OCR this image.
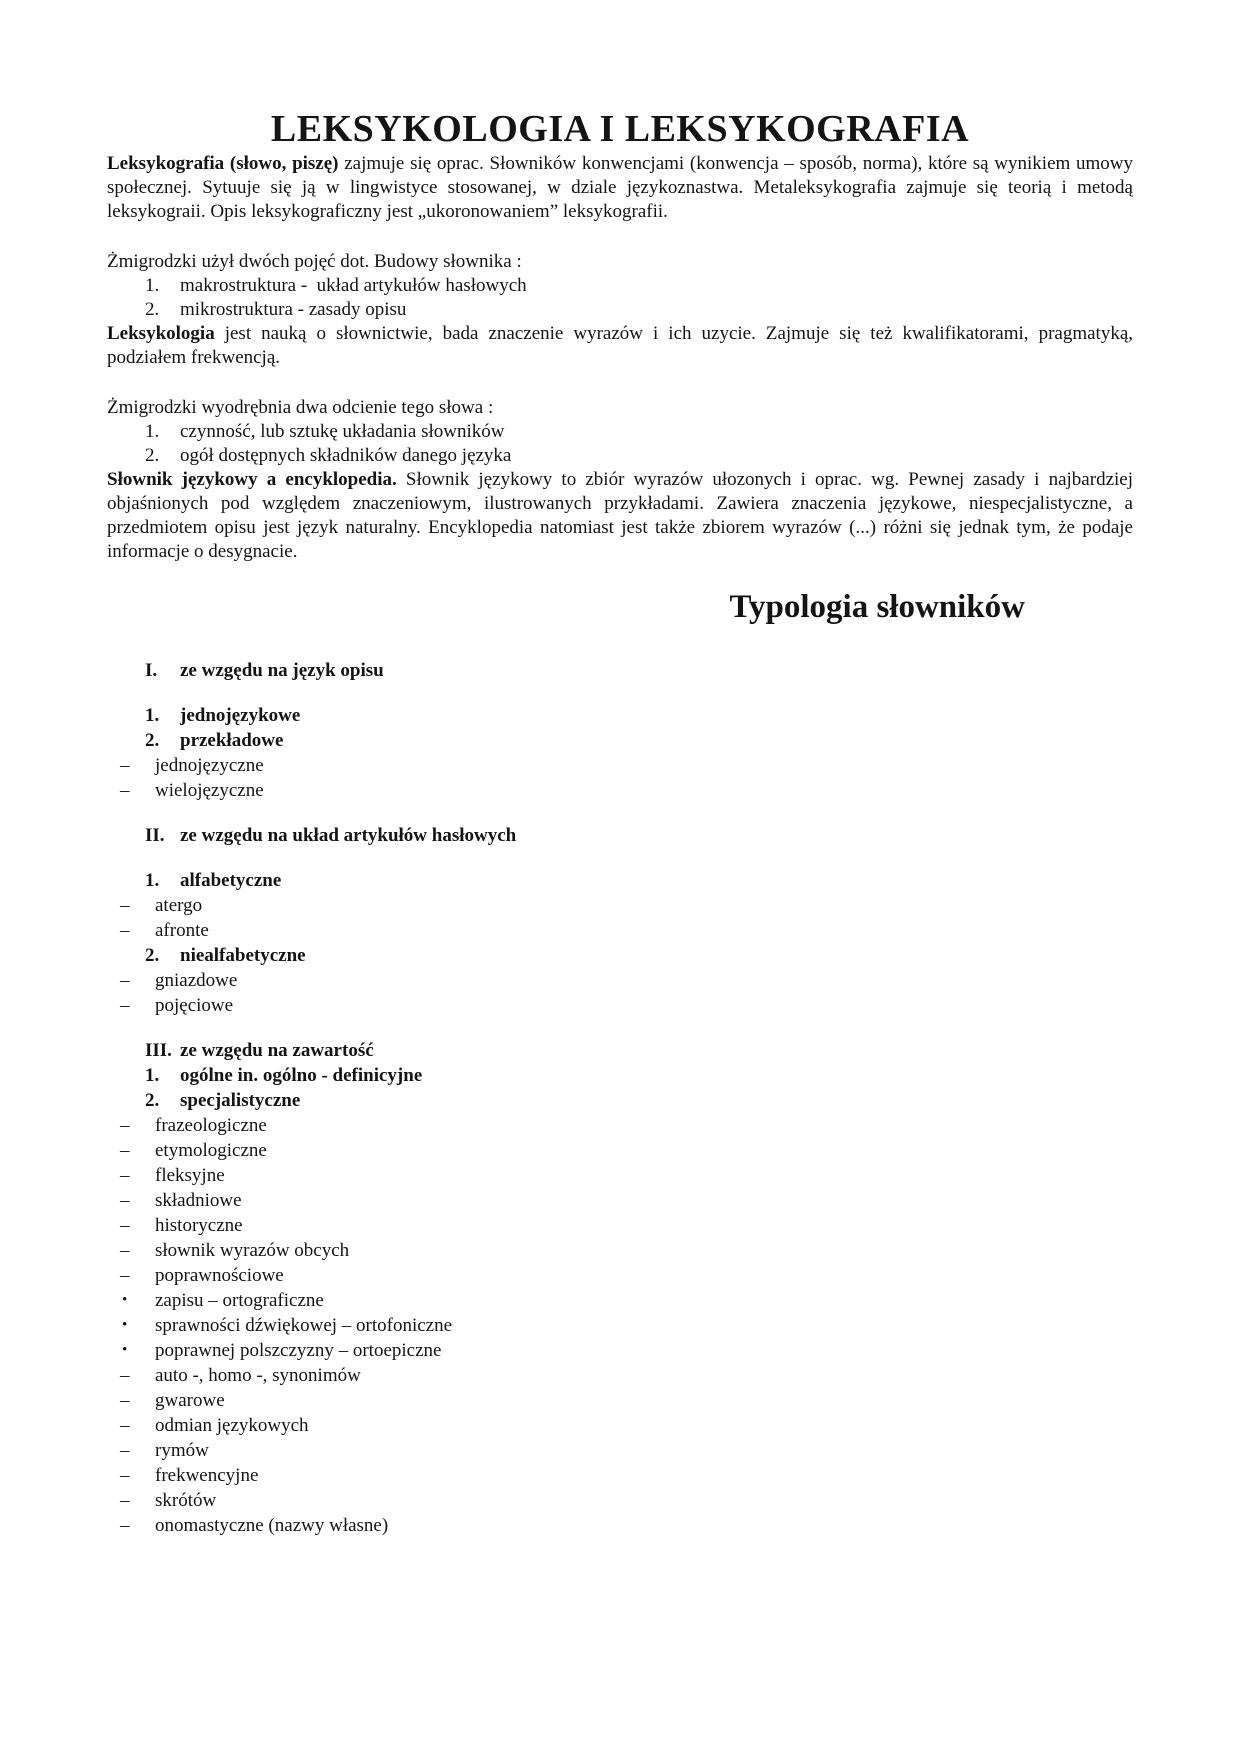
LEKSYKOLOGIA I LEKSYKOGRAFIA

Leksykografia (słowo, piszę) zajmuje się oprac. Słowników konwencjami (konwencja – sposób, norma), które są wynikiem umowy społecznej. Sytuuje się ją w lingwistyce stosowanej, w dziale językoznastwa. Metaleksykografia zajmuje się teorią i metodą leksykograii. Opis leksykograficzny jest „ukoronowaniem” leksykografii.

Żmigrodzki użył dwóch pojęć dot. Budowy słownika :

1.	makrostruktura -  układ artykułów hasłowych
2.	mikrostruktura - zasady opisu

Leksykologia jest nauką o słownictwie, bada znaczenie wyrazów i ich uzycie. Zajmuje się też kwalifikatorami, pragmatyką, podziałem frekwencją.

Żmigrodzki wyodrębnia dwa odcienie tego słowa :

1.	czynność, lub sztukę układania słowników
2.	ogół dostępnych składników danego języka

Słownik językowy a encyklopedia. Słownik językowy to zbiór wyrazów ułozonych i oprac. wg. Pewnej zasady i najbardziej objaśnionych pod względem znaczeniowym, ilustrowanych przykładami. Zawiera znaczenia językowe, niespecjalistyczne, a przedmiotem opisu jest język naturalny. Encyklopedia natomiast jest także zbiorem wyrazów (...) różni się jednak tym, że podaje informacje o desygnacie.

Typologia słowników
I.	ze wzgędu na język opisu
1.	jednojęzykowe
2.	przekładowe
–	jednojęzyczne
–	wielojęzyczne
II. ze wzgędu na układ artykułów hasłowych
1.	alfabetyczne
–	atergo
–	afronte
2.	niealfabetyczne
–	gniazdowe
–	pojęciowe
III. ze wzgędu na zawartość
1.	ogólne in. ogólno - definicyjne
2.	specjalistyczne
–	frazeologiczne
–	etymologiczne
–	fleksyjne
–	składniowe
–	historyczne
–	słownik wyrazów obcych
–	poprawnościowe
•	zapisu – ortograficzne
•	sprawności dźwiękowej – ortofoniczne
•	poprawnej polszczyzny – ortoepiczne
–	auto -, homo -, synonimów
–	gwarowe
–	odmian językowych
–	rymów
–	frekwencyjne
–	skrótów
–	onomastyczne (nazwy własne)
